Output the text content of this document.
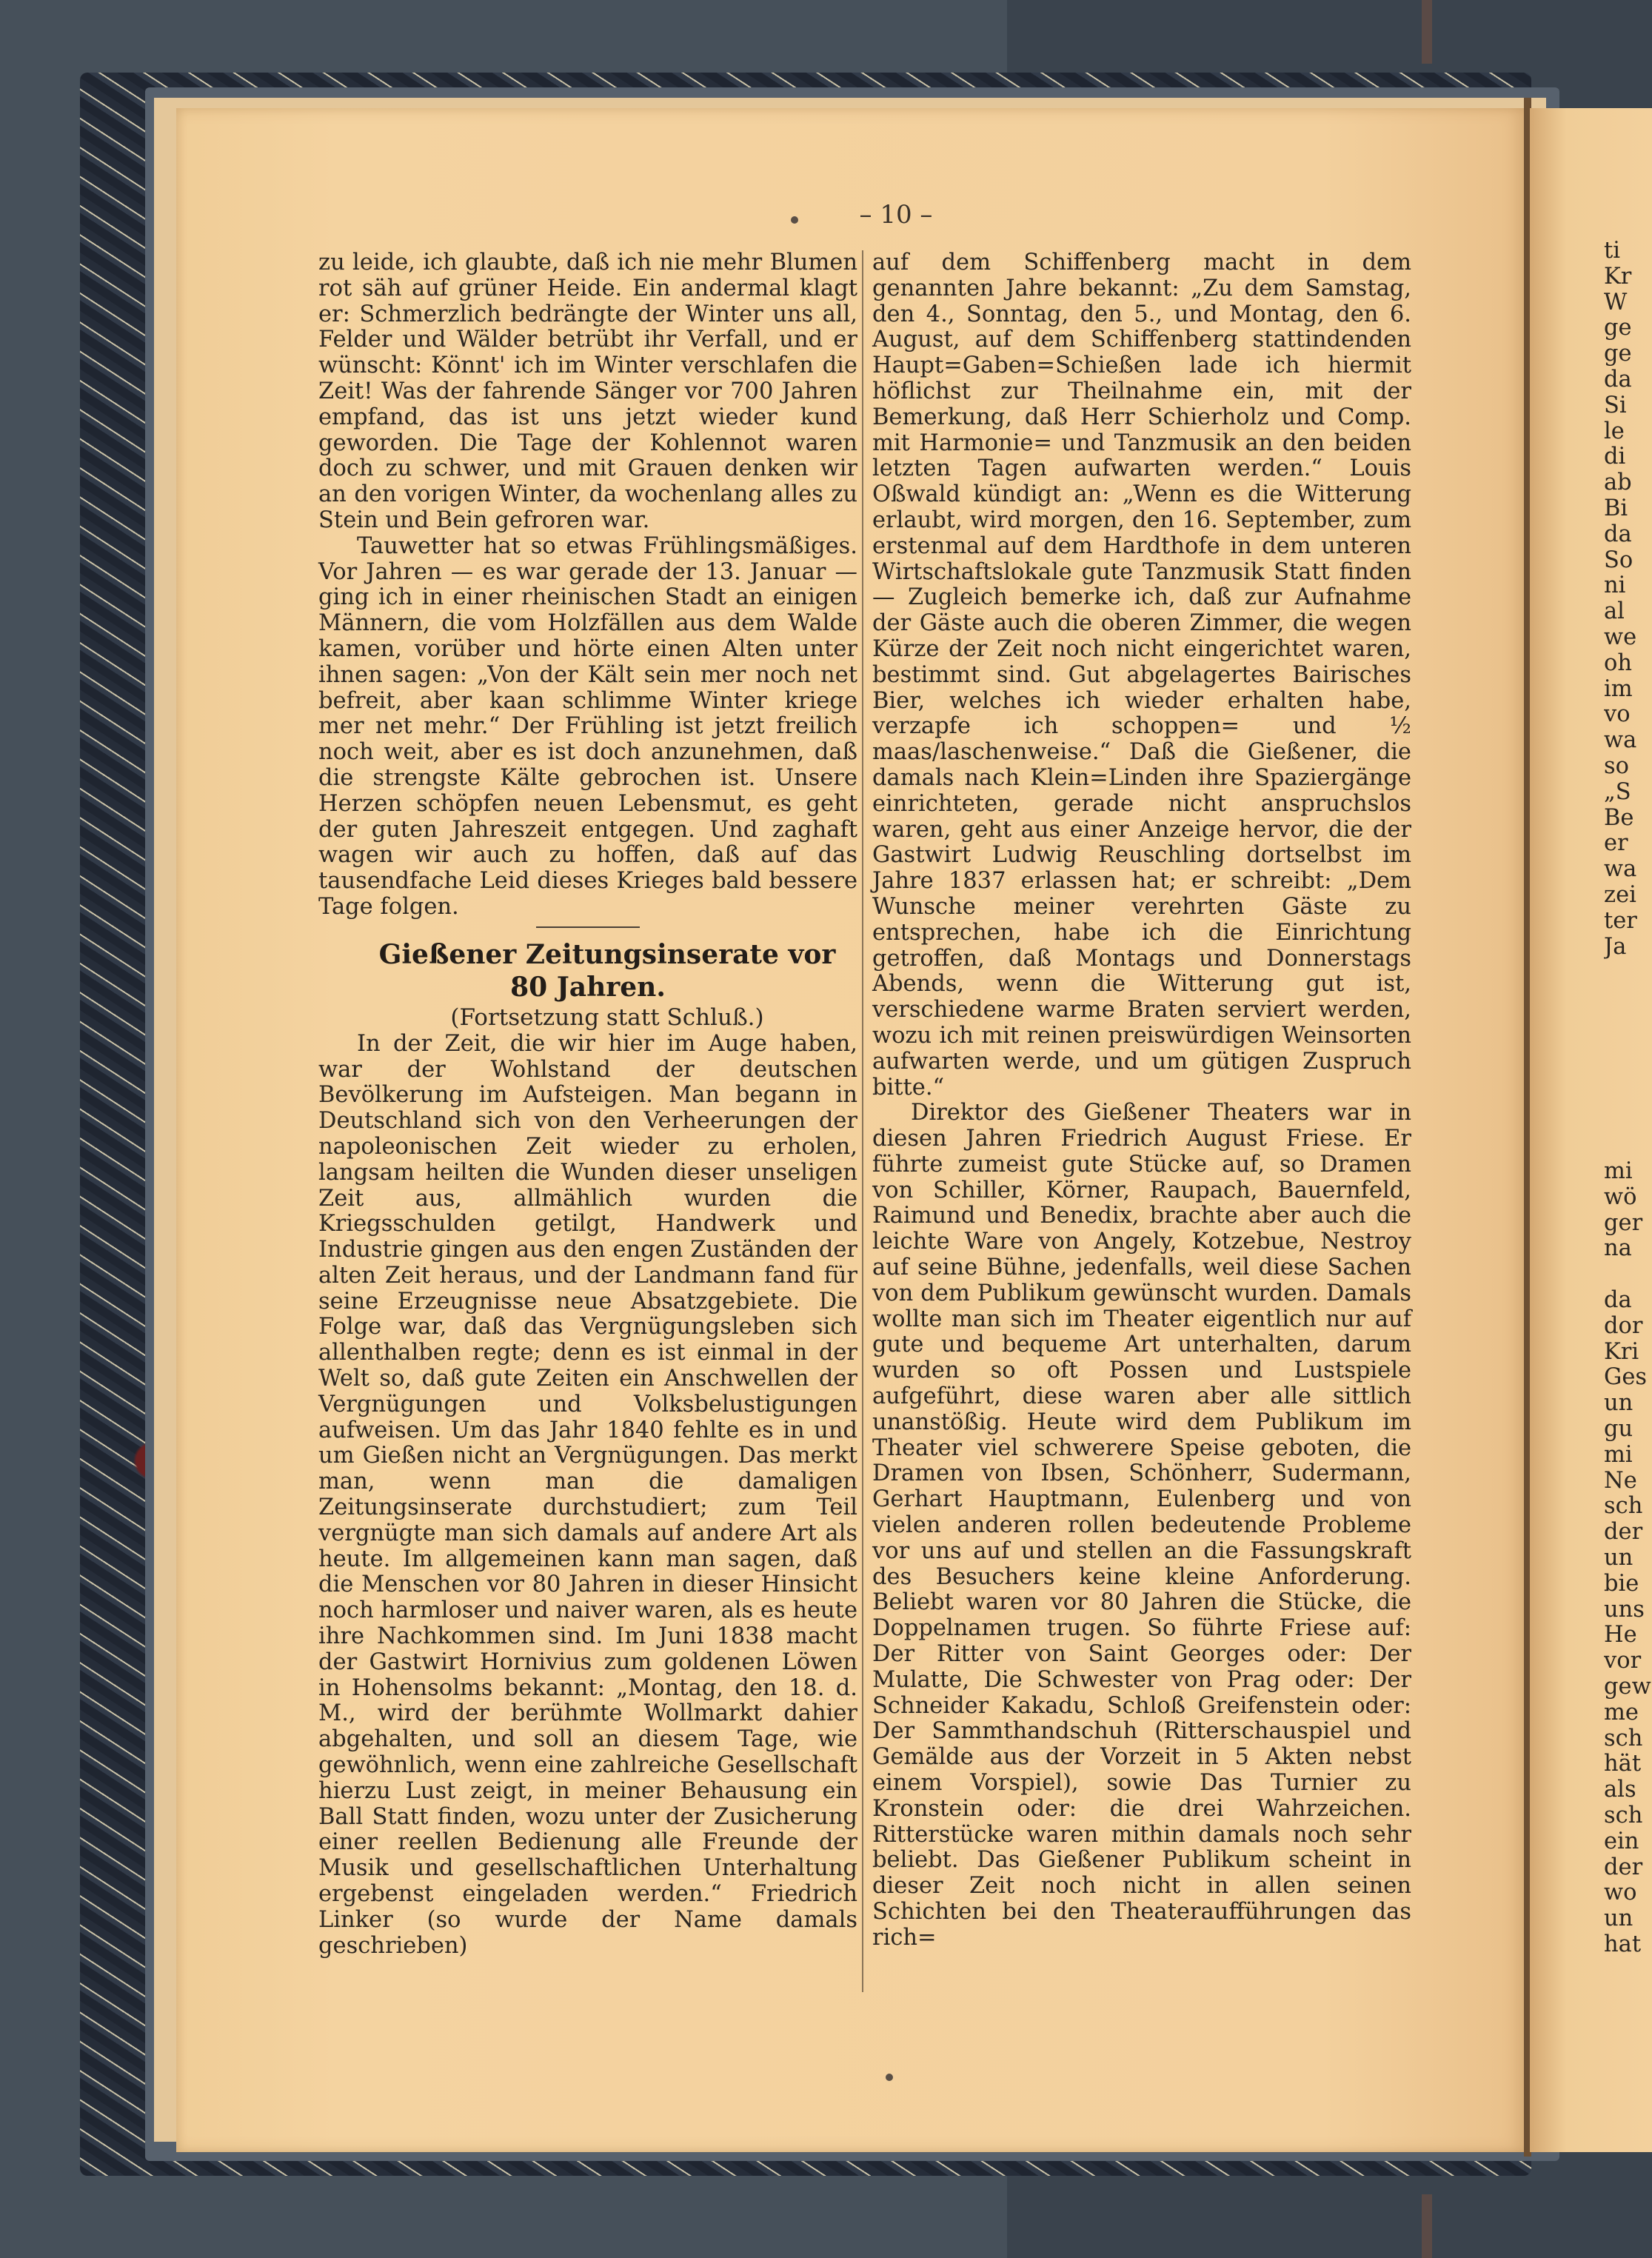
– 10 –

zu leide, ich glaubte, daß ich nie mehr Blumen rot säh auf grüner Heide. Ein andermal klagt er: Schmerzlich bedrängte der Winter uns all, Felder und Wälder betrübt ihr Verfall, und er wünscht: Könnt' ich im Winter verschlafen die Zeit! Was der fahrende Sänger vor 700 Jahren empfand, das ist uns jetzt wieder kund geworden. Die Tage der Kohlennot waren doch zu schwer, und mit Grauen denken wir an den vorigen Winter, da wochenlang alles zu Stein und Bein gefroren war.

Tauwetter hat so etwas Frühlingsmäßiges. Vor Jahren — es war gerade der 13. Januar — ging ich in einer rheinischen Stadt an einigen Männern, die vom Holzfällen aus dem Walde kamen, vorüber und hörte einen Alten unter ihnen sagen: „Von der Kält sein mer noch net befreit, aber kaan schlimme Winter kriege mer net mehr.“ Der Frühling ist jetzt freilich noch weit, aber es ist doch anzunehmen, daß die strengste Kälte gebrochen ist. Unsere Herzen schöpfen neuen Lebensmut, es geht der guten Jahreszeit entgegen. Und zaghaft wagen wir auch zu hoffen, daß auf das tausendfache Leid dieses Krieges bald bessere Tage folgen.

Gießener Zeitungsinserate vor
80 Jahren.

(Fortsetzung statt Schluß.)

In der Zeit, die wir hier im Auge haben, war der Wohlstand der deutschen Bevölkerung im Aufsteigen. Man begann in Deutschland sich von den Verheerungen der napoleonischen Zeit wieder zu erholen, langsam heilten die Wunden dieser unseligen Zeit aus, allmählich wurden die Kriegsschulden getilgt, Handwerk und Industrie gingen aus den engen Zuständen der alten Zeit heraus, und der Landmann fand für seine Erzeugnisse neue Absatzgebiete. Die Folge war, daß das Vergnügungsleben sich allenthalben regte; denn es ist einmal in der Welt so, daß gute Zeiten ein Anschwellen der Vergnügungen und Volksbelustigungen aufweisen. Um das Jahr 1840 fehlte es in und um Gießen nicht an Vergnügungen. Das merkt man, wenn man die damaligen Zeitungsinserate durchstudiert; zum Teil vergnügte man sich damals auf andere Art als heute. Im allgemeinen kann man sagen, daß die Menschen vor 80 Jahren in dieser Hinsicht noch harmloser und naiver waren, als es heute ihre Nachkommen sind. Im Juni 1838 macht der Gastwirt Hornivius zum goldenen Löwen in Hohensolms bekannt: „Montag, den 18. d. M., wird der berühmte Wollmarkt dahier abgehalten, und soll an diesem Tage, wie gewöhnlich, wenn eine zahlreiche Gesellschaft hierzu Lust zeigt, in meiner Behausung ein Ball Statt finden, wozu unter der Zusicherung einer reellen Bedienung alle Freunde der Musik und gesellschaftlichen Unterhaltung ergebenst eingeladen werden.“ Friedrich Linker (so wurde der Name damals geschrieben)

auf dem Schiffenberg macht in dem genannten Jahre bekannt: „Zu dem Samstag, den 4., Sonntag, den 5., und Montag, den 6. August, auf dem Schiffenberg stattindenden Haupt=Gaben=Schießen lade ich hiermit höflichst zur Theilnahme ein, mit der Bemerkung, daß Herr Schierholz und Comp. mit Harmonie= und Tanzmusik an den beiden letzten Tagen aufwarten werden.“ Louis Oßwald kündigt an: „Wenn es die Witterung erlaubt, wird morgen, den 16. September, zum erstenmal auf dem Hardthofe in dem unteren Wirtschaftslokale gute Tanzmusik Statt finden — Zugleich bemerke ich, daß zur Aufnahme der Gäste auch die oberen Zimmer, die wegen Kürze der Zeit noch nicht eingerichtet waren, bestimmt sind. Gut abgelagertes Bairisches Bier, welches ich wieder erhalten habe, verzapfe ich schoppen= und ½ maas/laschenweise.“ Daß die Gießener, die damals nach Klein=Linden ihre Spaziergänge einrichteten, gerade nicht anspruchslos waren, geht aus einer Anzeige hervor, die der Gastwirt Ludwig Reuschling dortselbst im Jahre 1837 erlassen hat; er schreibt: „Dem Wunsche meiner verehrten Gäste zu entsprechen, habe ich die Einrichtung getroffen, daß Montags und Donnerstags Abends, wenn die Witterung gut ist, verschiedene warme Braten serviert werden, wozu ich mit reinen preiswürdigen Weinsorten aufwarten werde, und um gütigen Zuspruch bitte.“

Direktor des Gießener Theaters war in diesen Jahren Friedrich August Friese. Er führte zumeist gute Stücke auf, so Dramen von Schiller, Körner, Raupach, Bauernfeld, Raimund und Benedix, brachte aber auch die leichte Ware von Angely, Kotzebue, Nestroy auf seine Bühne, jedenfalls, weil diese Sachen von dem Publikum gewünscht wurden. Damals wollte man sich im Theater eigentlich nur auf gute und bequeme Art unterhalten, darum wurden so oft Possen und Lustspiele aufgeführt, diese waren aber alle sittlich unanstößig. Heute wird dem Publikum im Theater viel schwerere Speise geboten, die Dramen von Ibsen, Schönherr, Sudermann, Gerhart Hauptmann, Eulenberg und von vielen anderen rollen bedeutende Probleme vor uns auf und stellen an die Fassungskraft des Besuchers keine kleine Anforderung. Beliebt waren vor 80 Jahren die Stücke, die Doppelnamen trugen. So führte Friese auf: Der Ritter von Saint Georges oder: Der Mulatte, Die Schwester von Prag oder: Der Schneider Kakadu, Schloß Greifenstein oder: Der Sammthandschuh (Ritterschauspiel und Gemälde aus der Vorzeit in 5 Akten nebst einem Vorspiel), sowie Das Turnier zu Kronstein oder: die drei Wahrzeichen. Ritterstücke waren mithin damals noch sehr beliebt. Das Gießener Publikum scheint in dieser Zeit noch nicht in allen seinen Schichten bei den Theateraufführungen das rich=

ti
Kr
W
ge
ge
da
Si
le
di
ab
Bi
da
So
ni
al
we
oh
im
vo
wa
so
„S
Be
er
wa
zei
ter
Ja
mi
wö
ger
na

da
dor
Kri
Ges
un
gu
mi
Ne
sch
der
un
bie
uns
He
vor
gew
me
sch
hät
als
sch
ein
der
wo
un
hat
